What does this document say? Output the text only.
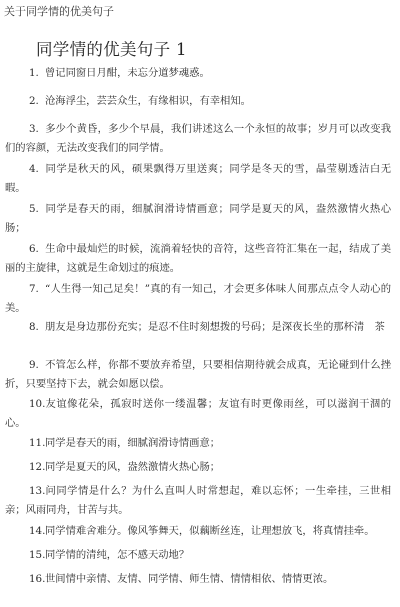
关于同学情的优美句子
同学情的优美句子 1
1. 曾记同窗日月酣，未忘分道梦魂惑。
2. 沧海浮尘，芸芸众生，有缘相识，有幸相知。
3. 多少个黄昏，多少个早晨，我们讲述这么一个永恒的故事；岁月可以改变我们的容颜，无法改变我们的同学情。
4. 同学是秋天的风，硕果飘得万里送爽；同学是冬天的雪，晶莹剔透洁白无暇。
5. 同学是春天的雨，细腻润滑诗情画意；同学是夏天的风，盎然激情火热心肠；
6. 生命中最灿烂的时候，流淌着轻快的音符，这些音符汇集在一起，结成了美丽的主旋律，这就是生命划过的痕迹。
7. “人生得一知己足矣！”真的有一知己，才会更多体味人间那点点令人动心的美。
8. 朋友是身边那份充实；是忍不住时刻想拨的号码；是深夜长坐的那杯清　茶
9. 不管怎么样，你都不要放弃希望，只要相信期待就会成真，无论碰到什么挫折，只要坚持下去，就会如愿以偿。
10.友谊像花朵，孤寂时送你一缕温馨；友谊有时更像雨丝，可以滋润干涸的心。
11.同学是春天的雨，细腻润滑诗情画意；
12.同学是夏天的风，盎然激情火热心肠；
13.问同学情是什么？为什么直叫人时常想起，难以忘怀；一生牵挂，三世相亲；风雨同舟，甘苦与共。
14.同学情难舍难分。像风筝舞天，似藕断丝连，让理想放飞，将真情挂牵。
15.同学情的清纯，怎不感天动地？
16.世间情中亲情、友情、同学情、师生情、情情相依、情情更浓。
